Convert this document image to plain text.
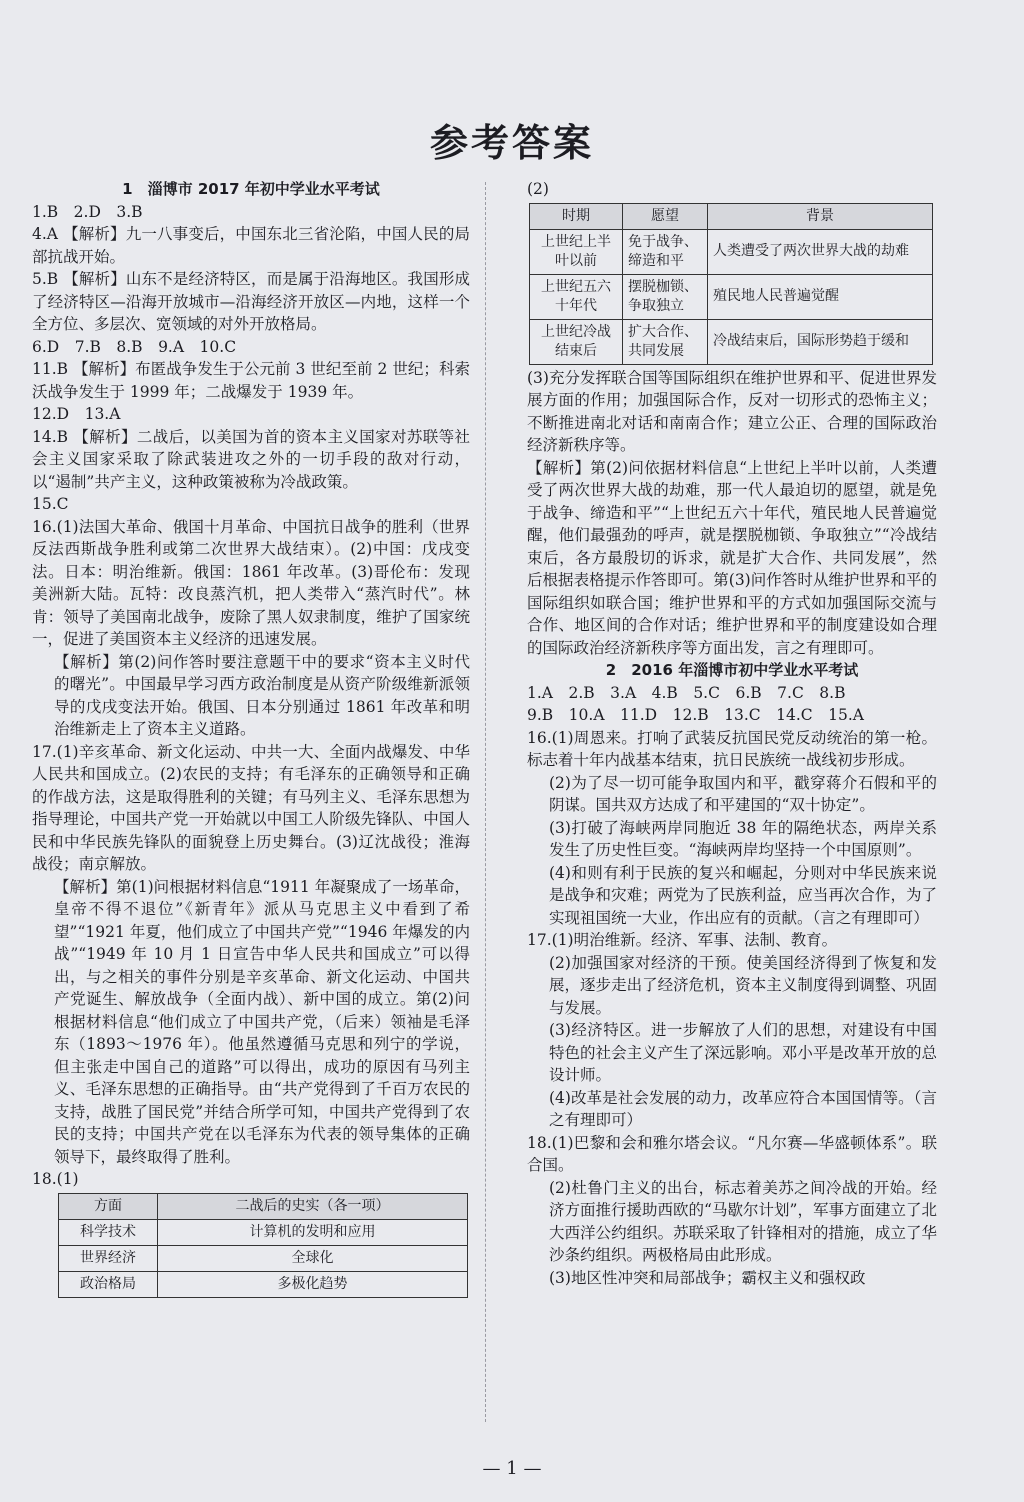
参考答案
1　淄博市 2017 年初中学业水平考试

1.B　2.D　3.B

4.A 【解析】九一八事变后，中国东北三省沦陷，中国人民的局部抗战开始。

5.B 【解析】山东不是经济特区，而是属于沿海地区。我国形成了经济特区—沿海开放城市—沿海经济开放区—内地，这样一个全方位、多层次、宽领域的对外开放格局。

6.D　7.B　8.B　9.A　10.C

11.B 【解析】布匿战争发生于公元前 3 世纪至前 2 世纪；科索沃战争发生于 1999 年；二战爆发于 1939 年。

12.D　13.A

14.B 【解析】二战后，以美国为首的资本主义国家对苏联等社会主义国家采取了除武装进攻之外的一切手段的敌对行动，以“遏制”共产主义，这种政策被称为冷战政策。

15.C

16.(1)法国大革命、俄国十月革命、中国抗日战争的胜利（世界反法西斯战争胜利或第二次世界大战结束）。(2)中国：戊戌变法。日本：明治维新。俄国：1861 年改革。(3)哥伦布：发现美洲新大陆。瓦特：改良蒸汽机，把人类带入“蒸汽时代”。林肯：领导了美国南北战争，废除了黑人奴隶制度，维护了国家统一，促进了美国资本主义经济的迅速发展。

【解析】第(2)问作答时要注意题干中的要求“资本主义时代的曙光”。中国最早学习西方政治制度是从资产阶级维新派领导的戊戌变法开始。俄国、日本分别通过 1861 年改革和明治维新走上了资本主义道路。

17.(1)辛亥革命、新文化运动、中共一大、全面内战爆发、中华人民共和国成立。(2)农民的支持；有毛泽东的正确领导和正确的作战方法，这是取得胜利的关键；有马列主义、毛泽东思想为指导理论，中国共产党一开始就以中国工人阶级先锋队、中国人民和中华民族先锋队的面貌登上历史舞台。(3)辽沈战役；淮海战役；南京解放。

【解析】第(1)问根据材料信息“1911 年凝聚成了一场革命，皇帝不得不退位”《新青年》派从马克思主义中看到了希望”“1921 年夏，他们成立了中国共产党”“1946 年爆发的内战”“1949 年 10 月 1 日宣告中华人民共和国成立”可以得出，与之相关的事件分别是辛亥革命、新文化运动、中国共产党诞生、解放战争（全面内战）、新中国的成立。第(2)问根据材料信息“他们成立了中国共产党，（后来）领袖是毛泽东（1893～1976 年）。他虽然遵循马克思和列宁的学说，但主张走中国自己的道路”可以得出，成功的原因有马列主义、毛泽东思想的正确指导。由“共产党得到了千百万农民的支持，战胜了国民党”并结合所学可知，中国共产党得到了农民的支持；中国共产党在以毛泽东为代表的领导集体的正确领导下，最终取得了胜利。

18.(1)

方面	二战后的史实（各一项）
科学技术	计算机的发明和应用
世界经济	全球化
政治格局	多极化趋势

(2)

时期	愿望	背景
上世纪上半叶以前	免于战争、缔造和平	人类遭受了两次世界大战的劫难
上世纪五六十年代	摆脱枷锁、争取独立	殖民地人民普遍觉醒
上世纪冷战结束后	扩大合作、共同发展	冷战结束后，国际形势趋于缓和

(3)充分发挥联合国等国际组织在维护世界和平、促进世界发展方面的作用；加强国际合作，反对一切形式的恐怖主义；不断推进南北对话和南南合作；建立公正、合理的国际政治经济新秩序等。

【解析】第(2)问依据材料信息“上世纪上半叶以前，人类遭受了两次世界大战的劫难，那一代人最迫切的愿望，就是免于战争、缔造和平”“上世纪五六十年代，殖民地人民普遍觉醒，他们最强劲的呼声，就是摆脱枷锁、争取独立”“冷战结束后，各方最殷切的诉求，就是扩大合作、共同发展”，然后根据表格提示作答即可。第(3)问作答时从维护世界和平的国际组织如联合国；维护世界和平的方式如加强国际交流与合作、地区间的合作对话；维护世界和平的制度建设如合理的国际政治经济新秩序等方面出发，言之有理即可。

2　2016 年淄博市初中学业水平考试

1.A　2.B　3.A　4.B　5.C　6.B　7.C　8.B

9.B　10.A　11.D　12.B　13.C　14.C　15.A

16.(1)周恩来。打响了武装反抗国民党反动统治的第一枪。标志着十年内战基本结束，抗日民族统一战线初步形成。

(2)为了尽一切可能争取国内和平，戳穿蒋介石假和平的阴谋。国共双方达成了和平建国的“双十协定”。

(3)打破了海峡两岸同胞近 38 年的隔绝状态，两岸关系发生了历史性巨变。“海峡两岸均坚持一个中国原则”。

(4)和则有利于民族的复兴和崛起，分则对中华民族来说是战争和灾难；两党为了民族利益，应当再次合作，为了实现祖国统一大业，作出应有的贡献。（言之有理即可）

17.(1)明治维新。经济、军事、法制、教育。

(2)加强国家对经济的干预。使美国经济得到了恢复和发展，逐步走出了经济危机，资本主义制度得到调整、巩固与发展。

(3)经济特区。进一步解放了人们的思想，对建设有中国特色的社会主义产生了深远影响。邓小平是改革开放的总设计师。

(4)改革是社会发展的动力，改革应符合本国国情等。（言之有理即可）

18.(1)巴黎和会和雅尔塔会议。“凡尔赛—华盛顿体系”。联合国。

(2)杜鲁门主义的出台，标志着美苏之间冷战的开始。经济方面推行援助西欧的“马歇尔计划”，军事方面建立了北大西洋公约组织。苏联采取了针锋相对的措施，成立了华沙条约组织。两极格局由此形成。

(3)地区性冲突和局部战争；霸权主义和强权政

— 1 —
